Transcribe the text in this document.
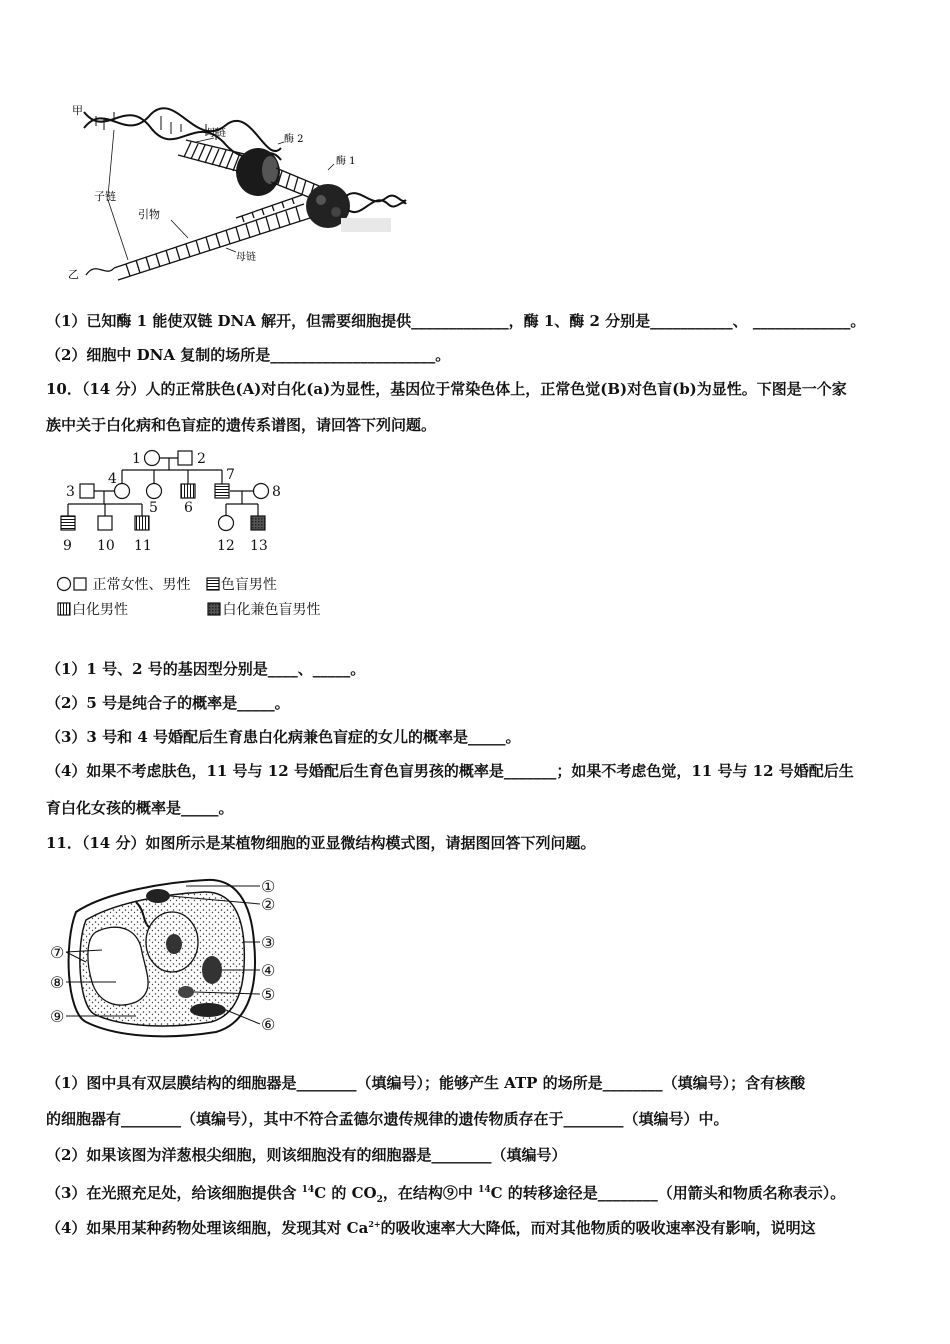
甲
子链
引物
乙
母链
酶 2
酶 1
母链
（1）已知酶 1 能使双链 DNA 解开，但需要细胞提供_____________，酶 1、酶 2 分别是___________、 _____________。
（2）细胞中 DNA 复制的场所是______________________。
10．（14 分）人的正常肤色(A)对白化(a)为显性，基因位于常染色体上，正常色觉(B)对色盲(b)为显性。下图是一个家
族中关于白化病和色盲症的遗传系谱图，请回答下列问题。
1	2
3
4
5 6
7
8
9 10 11	12 13
正常女性、男性 色盲男性
白化男性	白化兼色盲男性
（1）1 号、2 号的基因型分别是____、_____。
（2）5 号是纯合子的概率是_____。
（3）3 号和 4 号婚配后生育患白化病兼色盲症的女儿的概率是_____。
（4）如果不考虑肤色，11 号与 12 号婚配后生育色盲男孩的概率是_______；如果不考虑色觉，11 号与 12 号婚配后生
育白化女孩的概率是_____。
11．（14 分）如图所示是某植物细胞的亚显微结构模式图，请据图回答下列问题。
①
②
③
④
⑤
⑥
⑦
⑧
⑨
（1）图中具有双层膜结构的细胞器是________（填编号）；能够产生 ATP 的场所是________（填编号）；含有核酸
的细胞器有________（填编号），其中不符合孟德尔遗传规律的遗传物质存在于________（填编号）中。
（2）如果该图为洋葱根尖细胞，则该细胞没有的细胞器是________（填编号）
（3）在光照充足处，给该细胞提供含 $^{14}$C 的 $CO_2$，在结构⑨中 $^{14}$C 的转移途径是________（用箭头和物质名称表示）。
（4）如果用某种药物处理该细胞，发现其对 $Ca^{2+}$的吸收速率大大降低，而对其他物质的吸收速率没有影响，说明这
